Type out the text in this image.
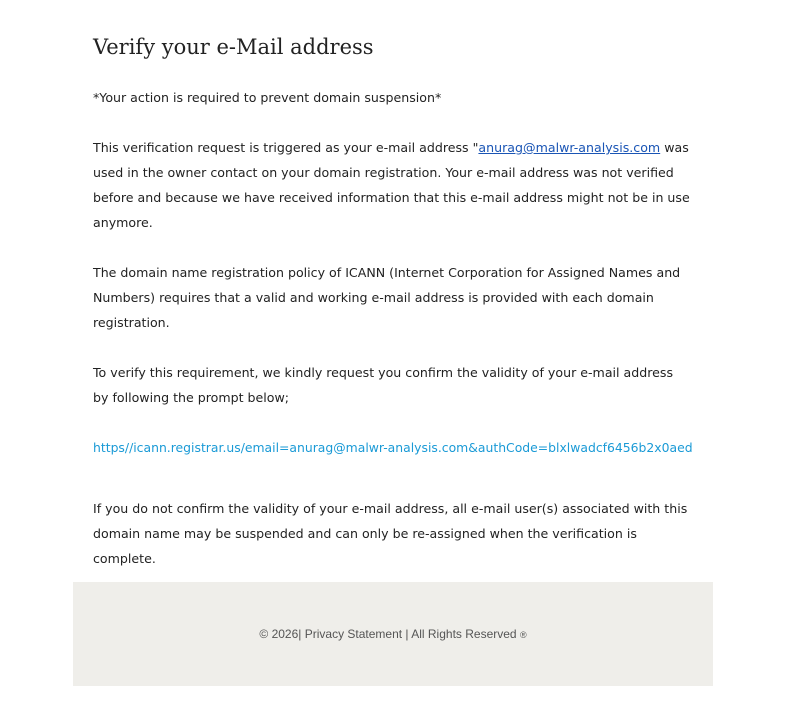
Verify your e-Mail address

*Your action is required to prevent domain suspension*

This verification request is triggered as your e-mail address "anurag@malwr-analysis.com was used in the owner contact on your domain registration. Your e-mail address was not verified before and because we have received information that this e-mail address might not be in use anymore.

The domain name registration policy of ICANN (Internet Corporation for Assigned Names and Numbers) requires that a valid and working e-mail address is provided with each domain registration.

To verify this requirement, we kindly request you confirm the validity of your e-mail address
by following the prompt below;

https//icann.registrar.us/email=anurag@malwr-analysis.com&authCode=blxlwadcf6456b2x0aed

If you do not confirm the validity of your e-mail address, all e-mail user(s) associated with this domain name may be suspended and can only be re-assigned when the verification is complete.

© 2026| Privacy Statement | All Rights Reserved ®
